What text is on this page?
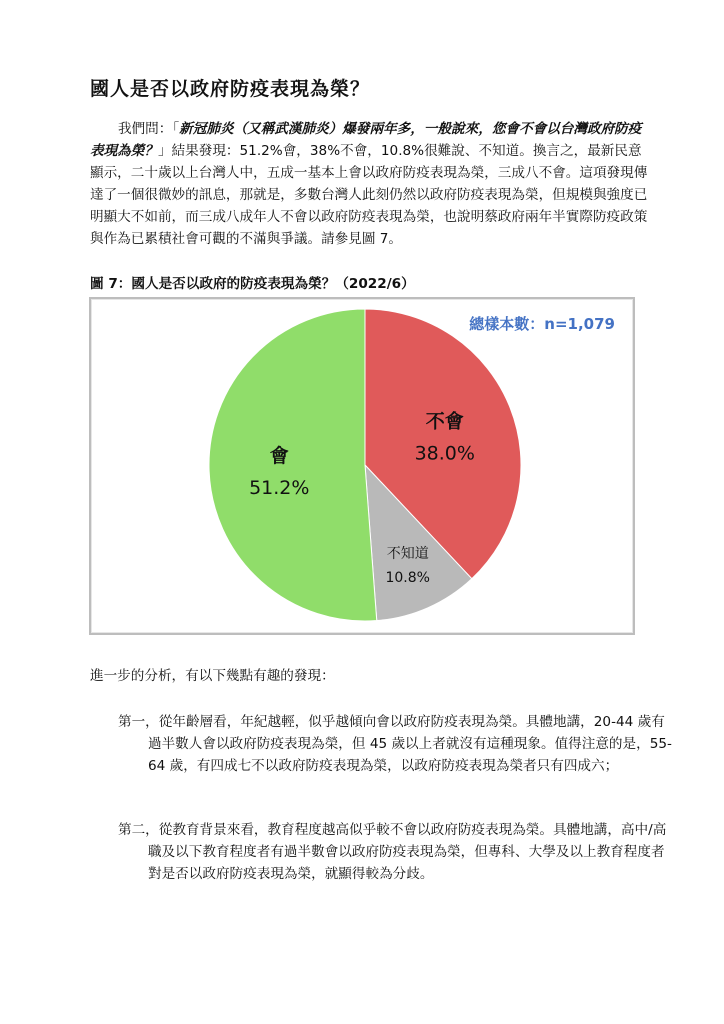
國人是否以政府防疫表現為榮？

我們問：「新冠肺炎（又稱武漢肺炎）爆發兩年多，一般說來，您會不會以台灣政府防疫表現為榮？」結果發現：51.2%會，38%不會，10.8%很難說、不知道。換言之，最新民意顯示，二十歲以上台灣人中，五成一基本上會以政府防疫表現為榮，三成八不會。這項發現傳達了一個很微妙的訊息，那就是，多數台灣人此刻仍然以政府防疫表現為榮，但規模與強度已明顯大不如前，而三成八成年人不會以政府防疫表現為榮，也說明蔡政府兩年半實際防疫政策與作為已累積社會可觀的不滿與爭議。請參見圖 7。

圖 7：國人是否以政府的防疫表現為榮？（2022/6）

不會
38.0%
不知道
10.8%
會
51.2%
總樣本數：n=1,079

進一步的分析，有以下幾點有趣的發現：

第一，從年齡層看，年紀越輕，似乎越傾向會以政府防疫表現為榮。具體地講，20-44 歲有過半數人會以政府防疫表現為榮，但 45 歲以上者就沒有這種現象。值得注意的是，55-64 歲，有四成七不以政府防疫表現為榮，以政府防疫表現為榮者只有四成六；

第二，從教育背景來看，教育程度越高似乎較不會以政府防疫表現為榮。具體地講，高中/高職及以下教育程度者有過半數會以政府防疫表現為榮，但專科、大學及以上教育程度者對是否以政府防疫表現為榮，就顯得較為分歧。
